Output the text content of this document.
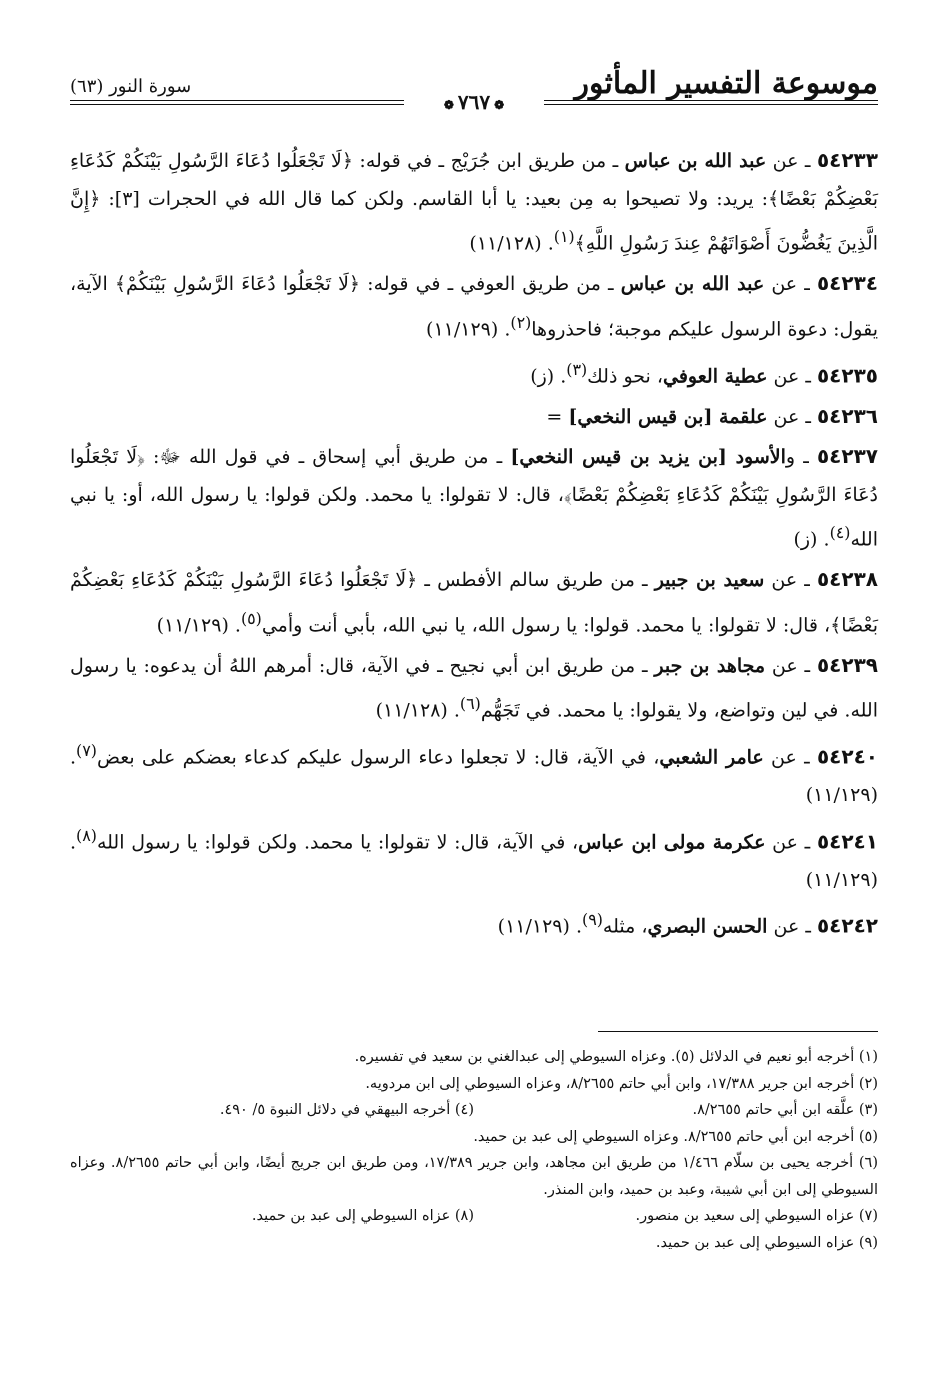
موسوعة التفسير المأثور
سورة النور (٦٣)
❁٧٦٧❁

٥٤٢٣٣ ـ عن عبد الله بن عباس ـ من طريق ابن جُرَيْج ـ في قوله: ﴿لَا تَجْعَلُوا دُعَاءَ الرَّسُولِ بَيْنَكُمْ كَدُعَاءِ بَعْضِكُمْ بَعْضًا﴾: يريد: ولا تصيحوا به مِن بعيد: يا أبا القاسم. ولكن كما قال الله في الحجرات [٣]: ﴿إِنَّ الَّذِينَ يَغُضُّونَ أَصْوَاتَهُمْ عِندَ رَسُولِ اللَّهِ﴾$^{(١)}$. (١١/١٢٨)

٥٤٢٣٤ ـ عن عبد الله بن عباس ـ من طريق العوفي ـ في قوله: ﴿لَا تَجْعَلُوا دُعَاءَ الرَّسُولِ بَيْنَكُمْ﴾ الآية، يقول: دعوة الرسول عليكم موجبة؛ فاحذروها$^{(٢)}$. (١١/١٢٩)

٥٤٢٣٥ ـ عن عطية العوفي، نحو ذلك$^{(٣)}$. (ز)

٥٤٢٣٦ ـ عن علقمة [بن قيس النخعي] =

٥٤٢٣٧ ـ والأسود [بن يزيد بن قيس النخعي] ـ من طريق أبي إسحاق ـ في قول الله ﷻ: ﴿لَا تَجْعَلُوا دُعَاءَ الرَّسُولِ بَيْنَكُمْ كَدُعَاءِ بَعْضِكُمْ بَعْضًا﴾، قال: لا تقولوا: يا محمد. ولكن قولوا: يا رسول الله، أو: يا نبي الله$^{(٤)}$. (ز)

٥٤٢٣٨ ـ عن سعيد بن جبير ـ من طريق سالم الأفطس ـ ﴿لَا تَجْعَلُوا دُعَاءَ الرَّسُولِ بَيْنَكُمْ كَدُعَاءِ بَعْضِكُمْ بَعْضًا﴾، قال: لا تقولوا: يا محمد. قولوا: يا رسول الله، يا نبي الله، بأبي أنت وأمي$^{(٥)}$. (١١/١٢٩)

٥٤٢٣٩ ـ عن مجاهد بن جبر ـ من طريق ابن أبي نجيح ـ في الآية، قال: أمرهم اللهُ أن يدعوه: يا رسول الله. في لين وتواضع، ولا يقولوا: يا محمد. في تَجَهُّم$^{(٦)}$. (١١/١٢٨)

٥٤٢٤٠ ـ عن عامر الشعبي، في الآية، قال: لا تجعلوا دعاء الرسول عليكم كدعاء بعضكم على بعض$^{(٧)}$. (١١/١٢٩)

٥٤٢٤١ ـ عن عكرمة مولى ابن عباس، في الآية، قال: لا تقولوا: يا محمد. ولكن قولوا: يا رسول الله$^{(٨)}$. (١١/١٢٩)

٥٤٢٤٢ ـ عن الحسن البصري، مثله$^{(٩)}$. (١١/١٢٩)

(١) أخرجه أبو نعيم في الدلائل (٥). وعزاه السيوطي إلى عبدالغني بن سعيد في تفسيره.

(٢) أخرجه ابن جرير ١٧/٣٨٨، وابن أبي حاتم ٨/٢٦٥٥، وعزاه السيوطي إلى ابن مردويه.

(٣) علَّقه ابن أبي حاتم ٨/٢٦٥٥.
(٤) أخرجه البيهقي في دلائل النبوة ٥/ ٤٩٠.

(٥) أخرجه ابن أبي حاتم ٨/٢٦٥٥. وعزاه السيوطي إلى عبد بن حميد.

(٦) أخرجه يحيى بن سلّام ١/٤٦٦ من طريق ابن مجاهد، وابن جرير ١٧/٣٨٩، ومن طريق ابن جريج أيضًا، وابن أبي حاتم ٨/٢٦٥٥. وعزاه السيوطي إلى ابن أبي شيبة، وعبد بن حميد، وابن المنذر.

(٧) عزاه السيوطي إلى سعيد بن منصور.
(٨) عزاه السيوطي إلى عبد بن حميد.

(٩) عزاه السيوطي إلى عبد بن حميد.
